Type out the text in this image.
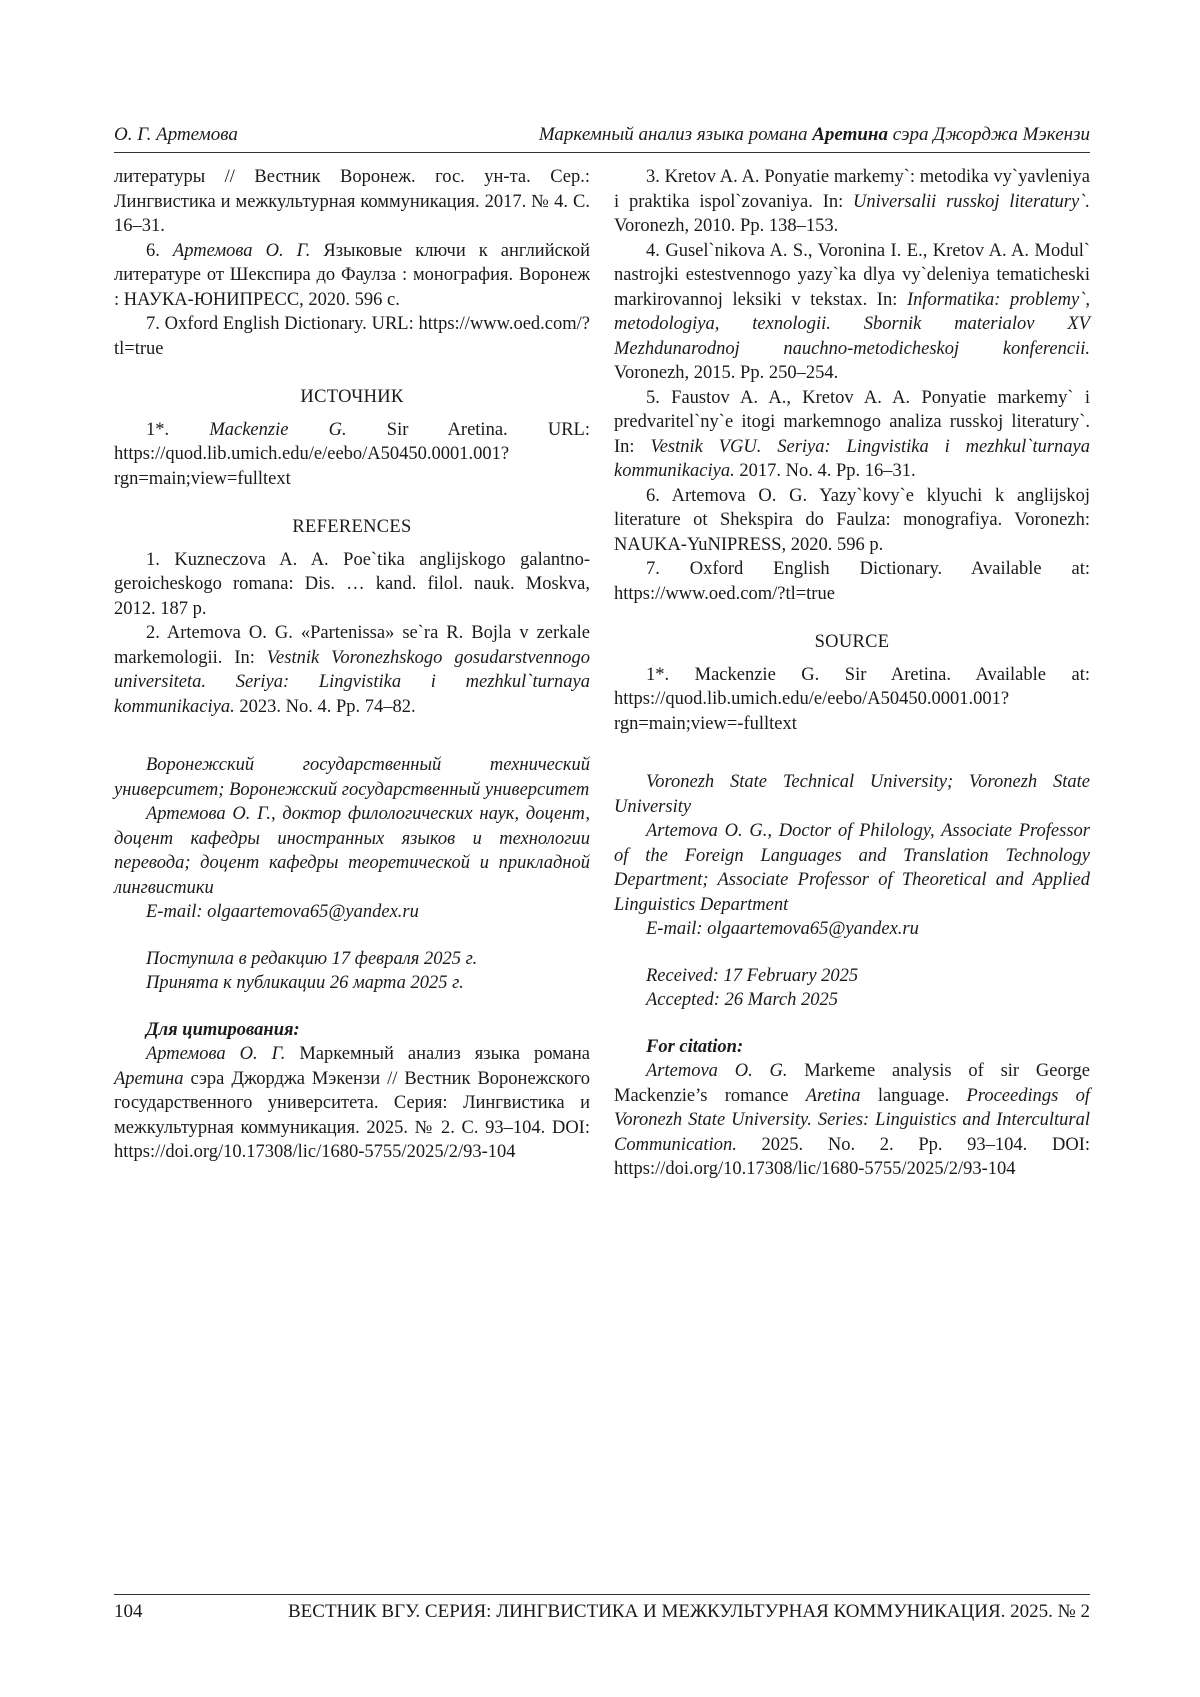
О. Г. Артемова	Маркемный анализ языка романа Аретина сэра Джорджа Мэкензи

литературы // Вестник Воронеж. гос. ун-та. Сер.: Лингвистика и межкультурная коммуникация. 2017. № 4. С. 16–31.

6. Артемова О. Г. Языковые ключи к английской литературе от Шекспира до Фаулза : монография. Воронеж : НАУКА-ЮНИПРЕСС, 2020. 596 с.

7. Oxford English Dictionary. URL: https://www.oed.com/?tl=true

ИСТОЧНИК

1*. Mackenzie G. Sir Aretina. URL: https://quod.lib.umich.edu/e/eebo/A50450.0001.001?rgn=main;view=fulltext

REFERENCES

1. Kuzneczova A. A. Poe`tika anglijskogo galantno-geroicheskogo romana: Dis. … kand. filol. nauk. Moskva, 2012. 187 p.

2. Artemova O. G. «Partenissa» se`ra R. Bojla v zerkale markemologii. In: Vestnik Voronezhskogo gosudarstvennogo universiteta. Seriya: Lingvistika i mezhkul`turnaya kommunikaciya. 2023. No. 4. Pp. 74–82.

Воронежский государственный технический университет; Воронежский государственный университет

Артемова О. Г., доктор филологических наук, доцент, доцент кафедры иностранных языков и технологии перевода; доцент кафедры теоретической и прикладной лингвистики

E-mail: olgaartemova65@yandex.ru

Поступила в редакцию 17 февраля 2025 г.

Принята к публикации 26 марта 2025 г.

Для цитирования:

Артемова О. Г. Маркемный анализ языка романа Аретина сэра Джорджа Мэкензи // Вестник Воронежского государственного университета. Серия: Лингвистика и межкультурная коммуникация. 2025. № 2. С. 93–104. DOI: https://doi.org/10.17308/lic/1680-5755/2025/2/93-104

3. Kretov A. A. Ponyatie markemy`: metodika vy`yavleniya i praktika ispol`zovaniya. In: Universalii russkoj literatury`. Voronezh, 2010. Pp. 138–153.

4. Gusel`nikova A. S., Voronina I. E., Kretov A. A. Modul` nastrojki estestvennogo yazy`ka dlya vy`deleniya tematicheski markirovannoj leksiki v tekstax. In: Informatika: problemy`, metodologiya, texnologii. Sbornik materialov XV Mezhdunarodnoj nauchno-metodicheskoj konferencii. Voronezh, 2015. Pp. 250–254.

5. Faustov A. A., Kretov A. A. Ponyatie markemy` i predvaritel`ny`e itogi markemnogo analiza russkoj literatury`. In: Vestnik VGU. Seriya: Lingvistika i mezhkul`turnaya kommunikaciya. 2017. No. 4. Pp. 16–31.

6. Artemova O. G. Yazy`kovy`e klyuchi k anglijskoj literature ot Shekspira do Faulza: monografiya. Voronezh: NAUKA-YuNIPRESS, 2020. 596 p.

7. Oxford English Dictionary. Available at: https://www.oed.com/?tl=true

SOURCE

1*. Mackenzie G. Sir Aretina. Available at: https://quod.lib.umich.edu/e/eebo/A50450.0001.001?rgn=main;view=-fulltext

Voronezh State Technical University; Voronezh State University

Artemova O. G., Doctor of Philology, Associate Professor of the Foreign Languages and Translation Technology Department; Associate Professor of Theoretical and Applied Linguistics Department

E-mail: olgaartemova65@yandex.ru

Received: 17 February 2025

Accepted: 26 March 2025

For citation:

Artemova O. G. Markeme analysis of sir George Mackenzie’s romance Aretina language. Proceedings of Voronezh State University. Series: Linguistics and Intercultural Communication. 2025. No. 2. Pp. 93–104. DOI: https://doi.org/10.17308/lic/1680-5755/2025/2/93-104

104	ВЕСТНИК ВГУ. СЕРИЯ: ЛИНГВИСТИКА И МЕЖКУЛЬТУРНАЯ КОММУНИКАЦИЯ. 2025. № 2
